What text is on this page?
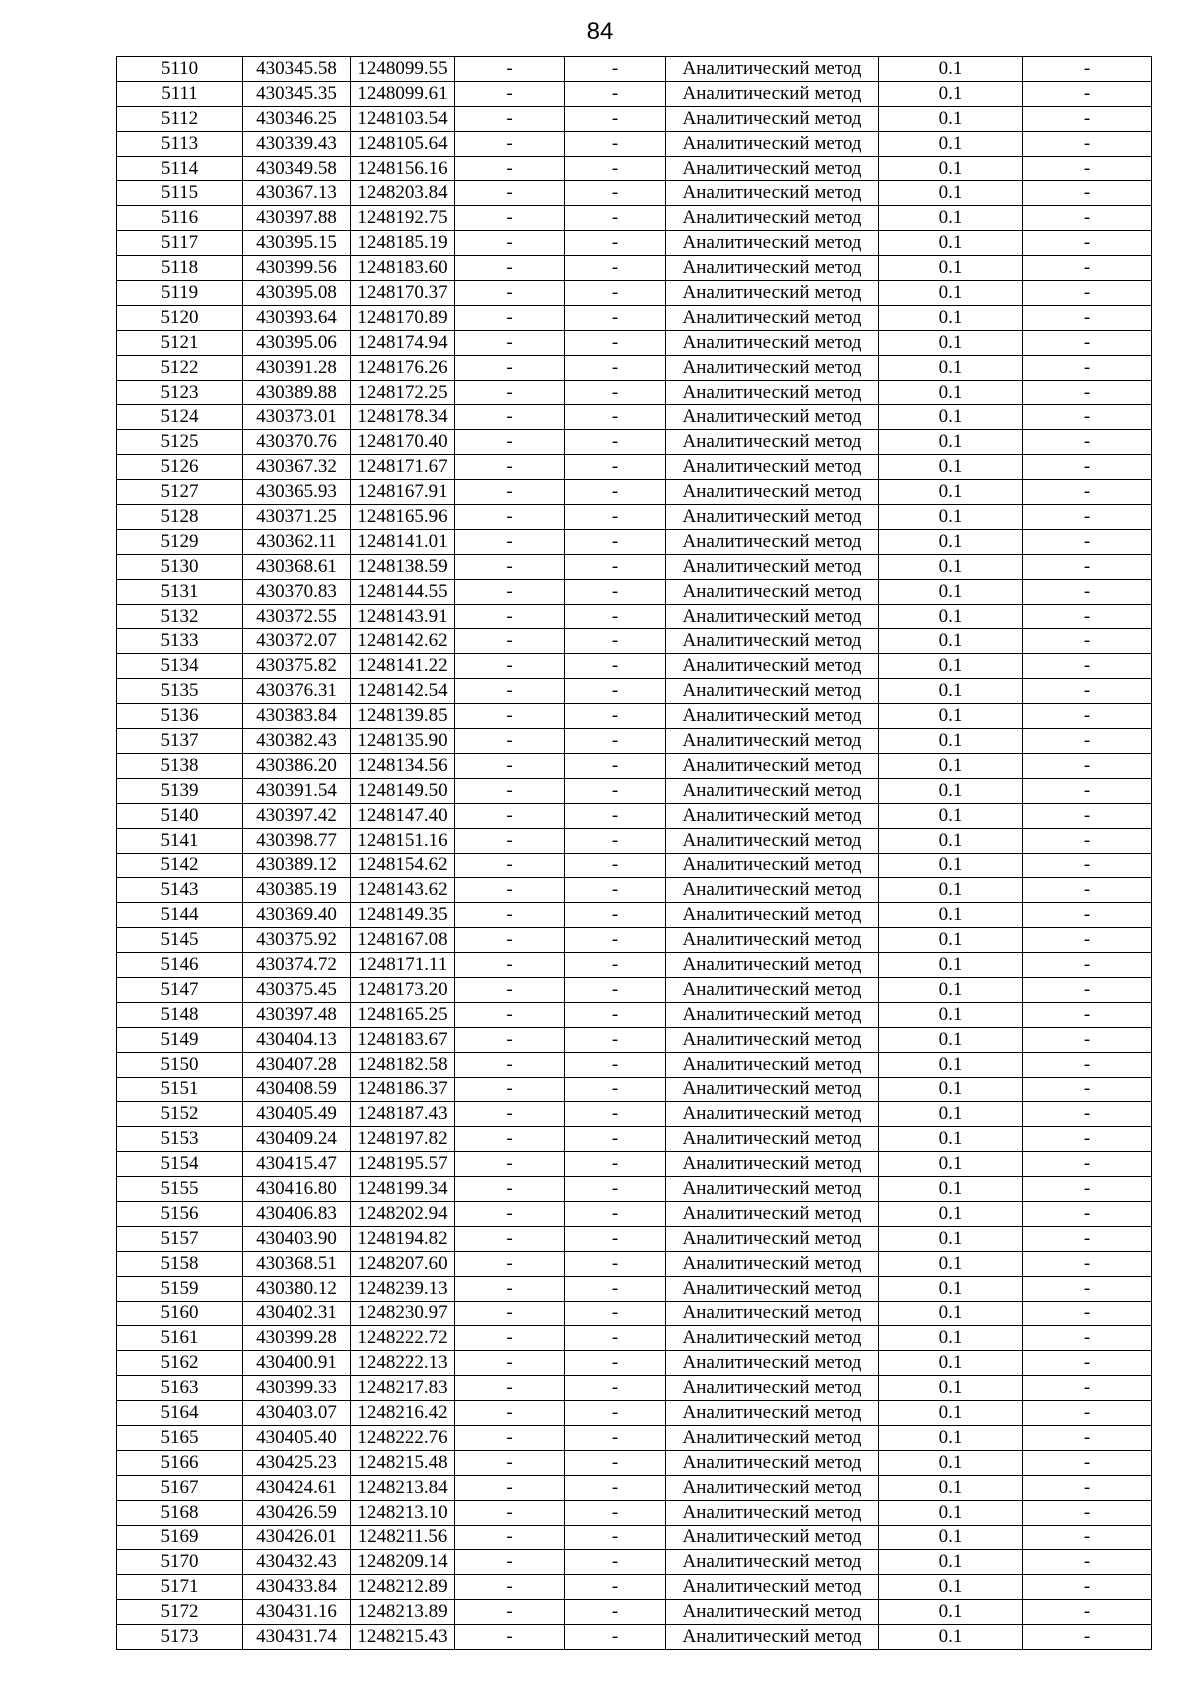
84
5110	430345.58	1248099.55	-	-	Аналитический метод	0.1	-
5111	430345.35	1248099.61	-	-	Аналитический метод	0.1	-
5112	430346.25	1248103.54	-	-	Аналитический метод	0.1	-
5113	430339.43	1248105.64	-	-	Аналитический метод	0.1	-
5114	430349.58	1248156.16	-	-	Аналитический метод	0.1	-
5115	430367.13	1248203.84	-	-	Аналитический метод	0.1	-
5116	430397.88	1248192.75	-	-	Аналитический метод	0.1	-
5117	430395.15	1248185.19	-	-	Аналитический метод	0.1	-
5118	430399.56	1248183.60	-	-	Аналитический метод	0.1	-
5119	430395.08	1248170.37	-	-	Аналитический метод	0.1	-
5120	430393.64	1248170.89	-	-	Аналитический метод	0.1	-
5121	430395.06	1248174.94	-	-	Аналитический метод	0.1	-
5122	430391.28	1248176.26	-	-	Аналитический метод	0.1	-
5123	430389.88	1248172.25	-	-	Аналитический метод	0.1	-
5124	430373.01	1248178.34	-	-	Аналитический метод	0.1	-
5125	430370.76	1248170.40	-	-	Аналитический метод	0.1	-
5126	430367.32	1248171.67	-	-	Аналитический метод	0.1	-
5127	430365.93	1248167.91	-	-	Аналитический метод	0.1	-
5128	430371.25	1248165.96	-	-	Аналитический метод	0.1	-
5129	430362.11	1248141.01	-	-	Аналитический метод	0.1	-
5130	430368.61	1248138.59	-	-	Аналитический метод	0.1	-
5131	430370.83	1248144.55	-	-	Аналитический метод	0.1	-
5132	430372.55	1248143.91	-	-	Аналитический метод	0.1	-
5133	430372.07	1248142.62	-	-	Аналитический метод	0.1	-
5134	430375.82	1248141.22	-	-	Аналитический метод	0.1	-
5135	430376.31	1248142.54	-	-	Аналитический метод	0.1	-
5136	430383.84	1248139.85	-	-	Аналитический метод	0.1	-
5137	430382.43	1248135.90	-	-	Аналитический метод	0.1	-
5138	430386.20	1248134.56	-	-	Аналитический метод	0.1	-
5139	430391.54	1248149.50	-	-	Аналитический метод	0.1	-
5140	430397.42	1248147.40	-	-	Аналитический метод	0.1	-
5141	430398.77	1248151.16	-	-	Аналитический метод	0.1	-
5142	430389.12	1248154.62	-	-	Аналитический метод	0.1	-
5143	430385.19	1248143.62	-	-	Аналитический метод	0.1	-
5144	430369.40	1248149.35	-	-	Аналитический метод	0.1	-
5145	430375.92	1248167.08	-	-	Аналитический метод	0.1	-
5146	430374.72	1248171.11	-	-	Аналитический метод	0.1	-
5147	430375.45	1248173.20	-	-	Аналитический метод	0.1	-
5148	430397.48	1248165.25	-	-	Аналитический метод	0.1	-
5149	430404.13	1248183.67	-	-	Аналитический метод	0.1	-
5150	430407.28	1248182.58	-	-	Аналитический метод	0.1	-
5151	430408.59	1248186.37	-	-	Аналитический метод	0.1	-
5152	430405.49	1248187.43	-	-	Аналитический метод	0.1	-
5153	430409.24	1248197.82	-	-	Аналитический метод	0.1	-
5154	430415.47	1248195.57	-	-	Аналитический метод	0.1	-
5155	430416.80	1248199.34	-	-	Аналитический метод	0.1	-
5156	430406.83	1248202.94	-	-	Аналитический метод	0.1	-
5157	430403.90	1248194.82	-	-	Аналитический метод	0.1	-
5158	430368.51	1248207.60	-	-	Аналитический метод	0.1	-
5159	430380.12	1248239.13	-	-	Аналитический метод	0.1	-
5160	430402.31	1248230.97	-	-	Аналитический метод	0.1	-
5161	430399.28	1248222.72	-	-	Аналитический метод	0.1	-
5162	430400.91	1248222.13	-	-	Аналитический метод	0.1	-
5163	430399.33	1248217.83	-	-	Аналитический метод	0.1	-
5164	430403.07	1248216.42	-	-	Аналитический метод	0.1	-
5165	430405.40	1248222.76	-	-	Аналитический метод	0.1	-
5166	430425.23	1248215.48	-	-	Аналитический метод	0.1	-
5167	430424.61	1248213.84	-	-	Аналитический метод	0.1	-
5168	430426.59	1248213.10	-	-	Аналитический метод	0.1	-
5169	430426.01	1248211.56	-	-	Аналитический метод	0.1	-
5170	430432.43	1248209.14	-	-	Аналитический метод	0.1	-
5171	430433.84	1248212.89	-	-	Аналитический метод	0.1	-
5172	430431.16	1248213.89	-	-	Аналитический метод	0.1	-
5173	430431.74	1248215.43	-	-	Аналитический метод	0.1	-
